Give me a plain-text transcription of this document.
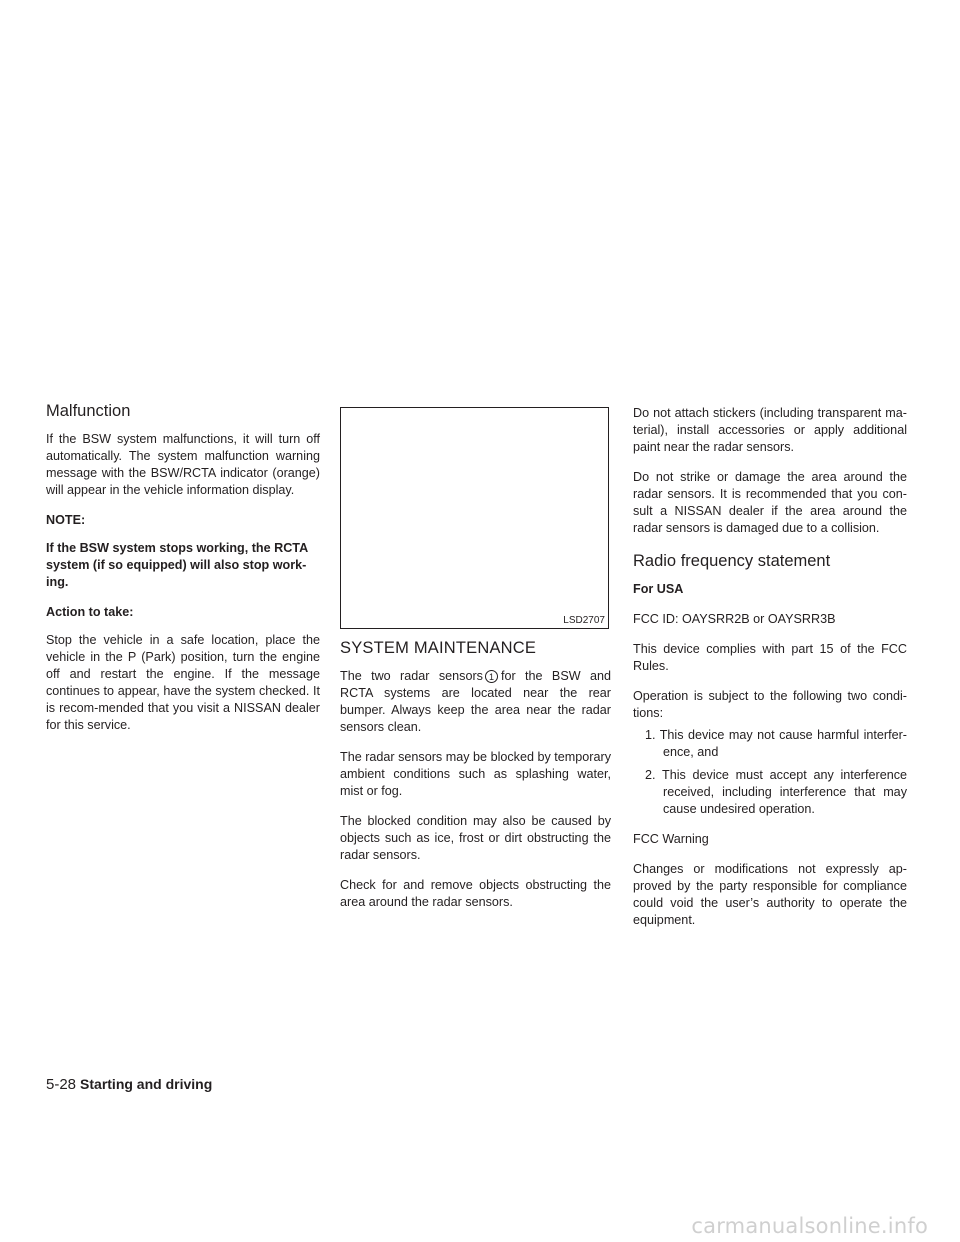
Malfunction

If the BSW system malfunctions, it will turn off automatically. The system malfunction warning message with the BSW/RCTA indicator (orange) will appear in the vehicle information display.

NOTE:

If the BSW system stops working, the RCTA system (if so equipped) will also stop work-ing.

Action to take:

Stop the vehicle in a safe location, place the vehicle in the P (Park) position, turn the engine off and restart the engine. If the message continues to appear, have the system checked. It is recom-mended that you visit a NISSAN dealer for this service.

LSD2707
SYSTEM MAINTENANCE

The two radar sensors 1 for the BSW and RCTA systems are located near the rear bumper. Always keep the area near the radar sensors clean.

The radar sensors may be blocked by temporary ambient conditions such as splashing water, mist or fog.

The blocked condition may also be caused by objects such as ice, frost or dirt obstructing the radar sensors.

Check for and remove objects obstructing the area around the radar sensors.

Do not attach stickers (including transparent ma-terial), install accessories or apply additional paint near the radar sensors.

Do not strike or damage the area around the radar sensors. It is recommended that you con-sult a NISSAN dealer if the area around the radar sensors is damaged due to a collision.

Radio frequency statement

For USA

FCC ID: OAYSRR2B or OAYSRR3B

This device complies with part 15 of the FCC Rules.

Operation is subject to the following two condi-tions:

1. This device may not cause harmful interfer-ence, and
2. This device must accept any interference received, including interference that may cause undesired operation.

FCC Warning

Changes or modifications not expressly ap-proved by the party responsible for compliance could void the user’s authority to operate the equipment.

5-28 Starting and driving
carmanualsonline.info
